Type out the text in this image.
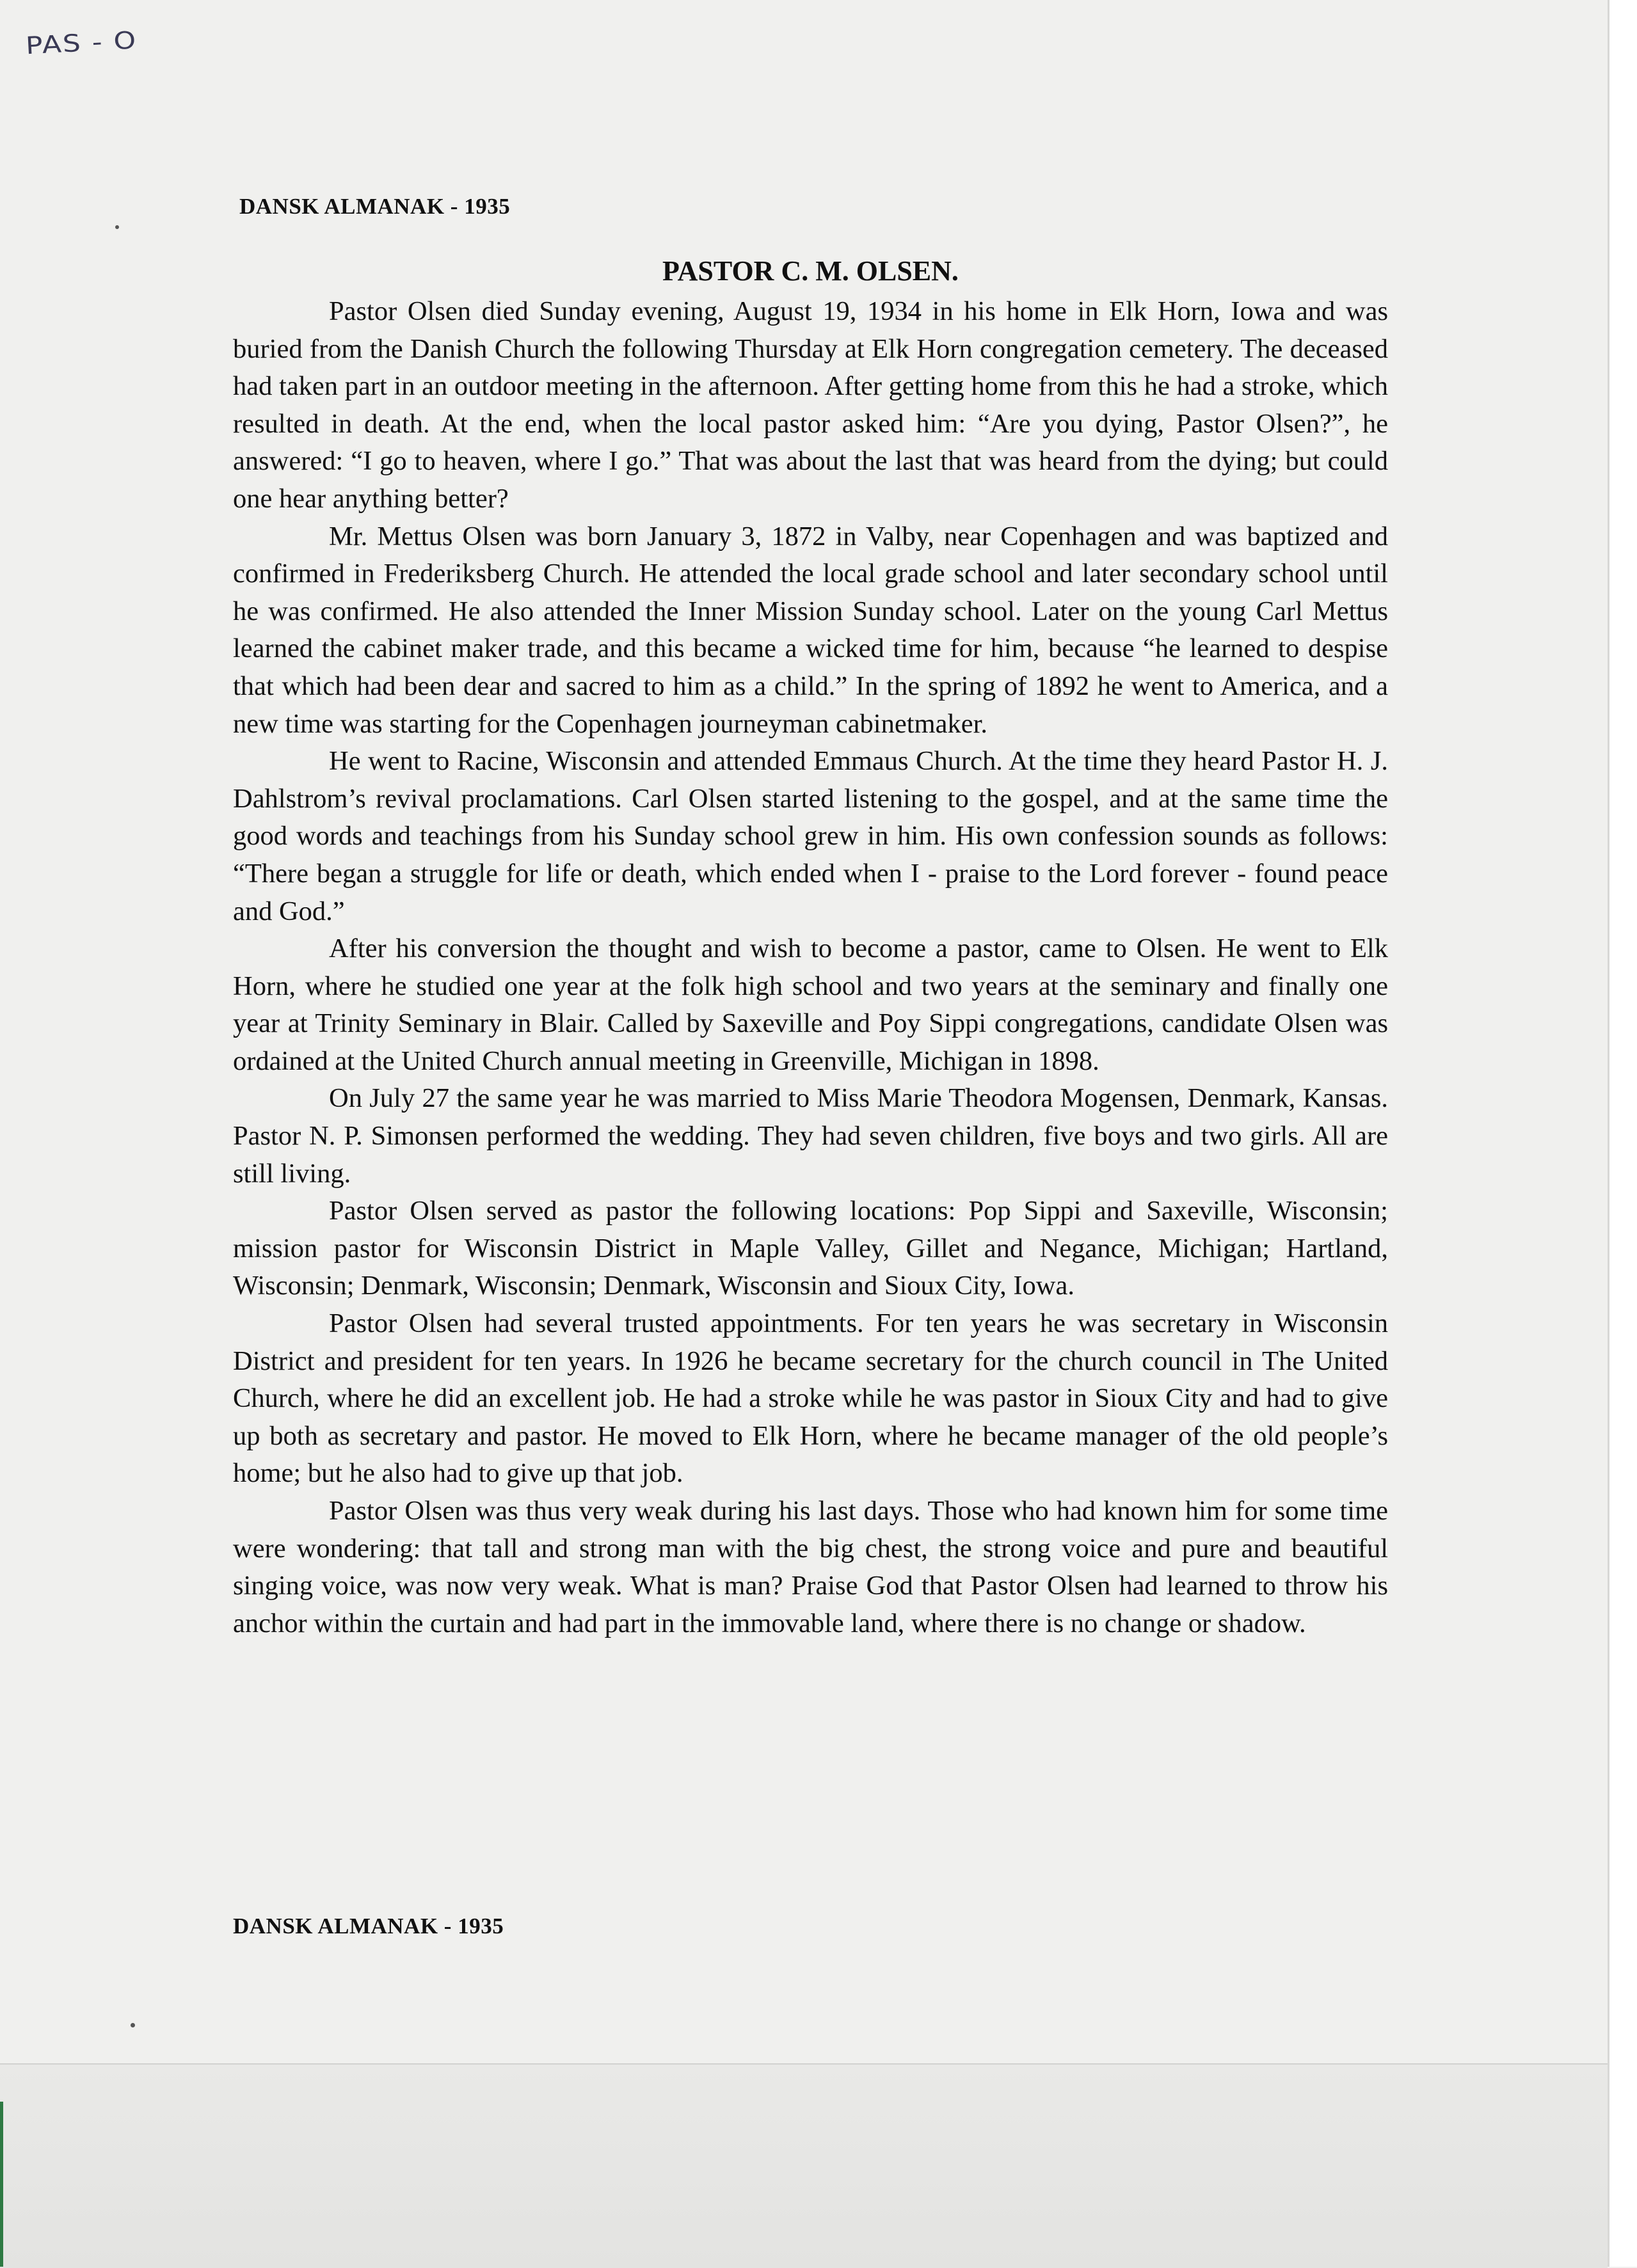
PAS - O
DANSK ALMANAK - 1935
PASTOR C. M. OLSEN.

Pastor Olsen died Sunday evening, August 19, 1934 in his home in Elk Horn, Iowa and was buried from the Danish Church the following Thursday at Elk Horn congregation cemetery. The deceased had taken part in an outdoor meeting in the afternoon. After getting home from this he had a stroke, which resulted in death. At the end, when the local pastor asked him: “Are you dying, Pastor Olsen?”, he answered: “I go to heaven, where I go.” That was about the last that was heard from the dying; but could one hear anything better?

Mr. Mettus Olsen was born January 3, 1872 in Valby, near Copenhagen and was baptized and confirmed in Frederiksberg Church. He attended the local grade school and later secondary school until he was confirmed. He also attended the Inner Mission Sunday school. Later on the young Carl Mettus learned the cabinet maker trade, and this became a wicked time for him, because “he learned to despise that which had been dear and sacred to him as a child.” In the spring of 1892 he went to America, and a new time was starting for the Copenhagen journeyman cabinetmaker.

He went to Racine, Wisconsin and attended Emmaus Church. At the time they heard Pastor H. J. Dahlstrom’s revival proclamations. Carl Olsen started listening to the gospel, and at the same time the good words and teachings from his Sunday school grew in him. His own confession sounds as follows: “There began a struggle for life or death, which ended when I - praise to the Lord forever - found peace and God.”

After his conversion the thought and wish to become a pastor, came to Olsen. He went to Elk Horn, where he studied one year at the folk high school and two years at the seminary and finally one year at Trinity Seminary in Blair. Called by Saxeville and Poy Sippi congregations, candidate Olsen was ordained at the United Church annual meeting in Greenville, Michigan in 1898.

On July 27 the same year he was married to Miss Marie Theodora Mogensen, Denmark, Kansas. Pastor N. P. Simonsen performed the wedding. They had seven children, five boys and two girls. All are still living.

Pastor Olsen served as pastor the following locations: Pop Sippi and Saxeville, Wisconsin; mission pastor for Wisconsin District in Maple Valley, Gillet and Negance, Michigan; Hartland, Wisconsin; Denmark, Wisconsin; Denmark, Wisconsin and Sioux City, Iowa.

Pastor Olsen had several trusted appointments. For ten years he was secretary in Wisconsin District and president for ten years. In 1926 he became secretary for the church council in The United Church, where he did an excellent job. He had a stroke while he was pastor in Sioux City and had to give up both as secretary and pastor. He moved to Elk Horn, where he became manager of the old people’s home; but he also had to give up that job.

Pastor Olsen was thus very weak during his last days. Those who had known him for some time were wondering: that tall and strong man with the big chest, the strong voice and pure and beautiful singing voice, was now very weak. What is man? Praise God that Pastor Olsen had learned to throw his anchor within the curtain and had part in the immovable land, where there is no change or shadow.

DANSK ALMANAK - 1935
